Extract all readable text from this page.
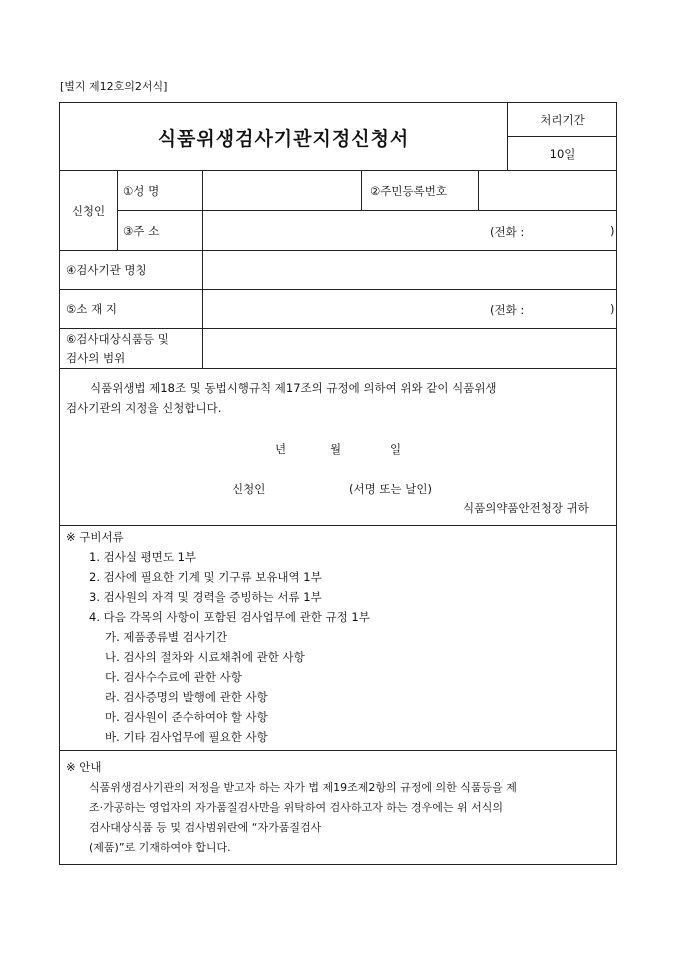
[별지 제12호의2서식]
식품위생검사기관지정신청서
처리기간
10일
신청인
①성 명	②주민등록번호
③주 소	(전화 :	)
④검사기관 명칭
⑤소 재 지	(전화 :	)
⑥검사대상식품등 및
검사의 범위
식품위생법 제18조 및 동법시행규칙 제17조의 규정에 의하여 위와 같이 식품위생
검사기관의 지정을 신청합니다.
년	월	일
신청인	(서명 또는 날인)
식품의약품안전청장 귀하
※ 구비서류
1. 검사실 평면도 1부
2. 검사에 필요한 기계 및 기구류 보유내역 1부
3. 검사원의 자격 및 경력을 증빙하는 서류 1부
4. 다음 각목의 사항이 포함된 검사업무에 관한 규정 1부
가. 제품종류별 검사기간
나. 검사의 절차와 시료채취에 관한 사항
다. 검사수수료에 관한 사항
라. 검사증명의 발행에 관한 사항
마. 검사원이 준수하여야 할 사항
바. 기타 검사업무에 필요한 사항
※ 안내
식품위생검사기관의 저정을 받고자 하는 자가 법 제19조제2항의 규정에 의한 식품등을 제
조·가공하는 영업자의 자가품질검사만을 위탁하여 검사하고자 하는 경우에는 위 서식의
검사대상식품 등 및 검사범위란에 “자가품질검사
(제품)”로 기재하여야 합니다.
